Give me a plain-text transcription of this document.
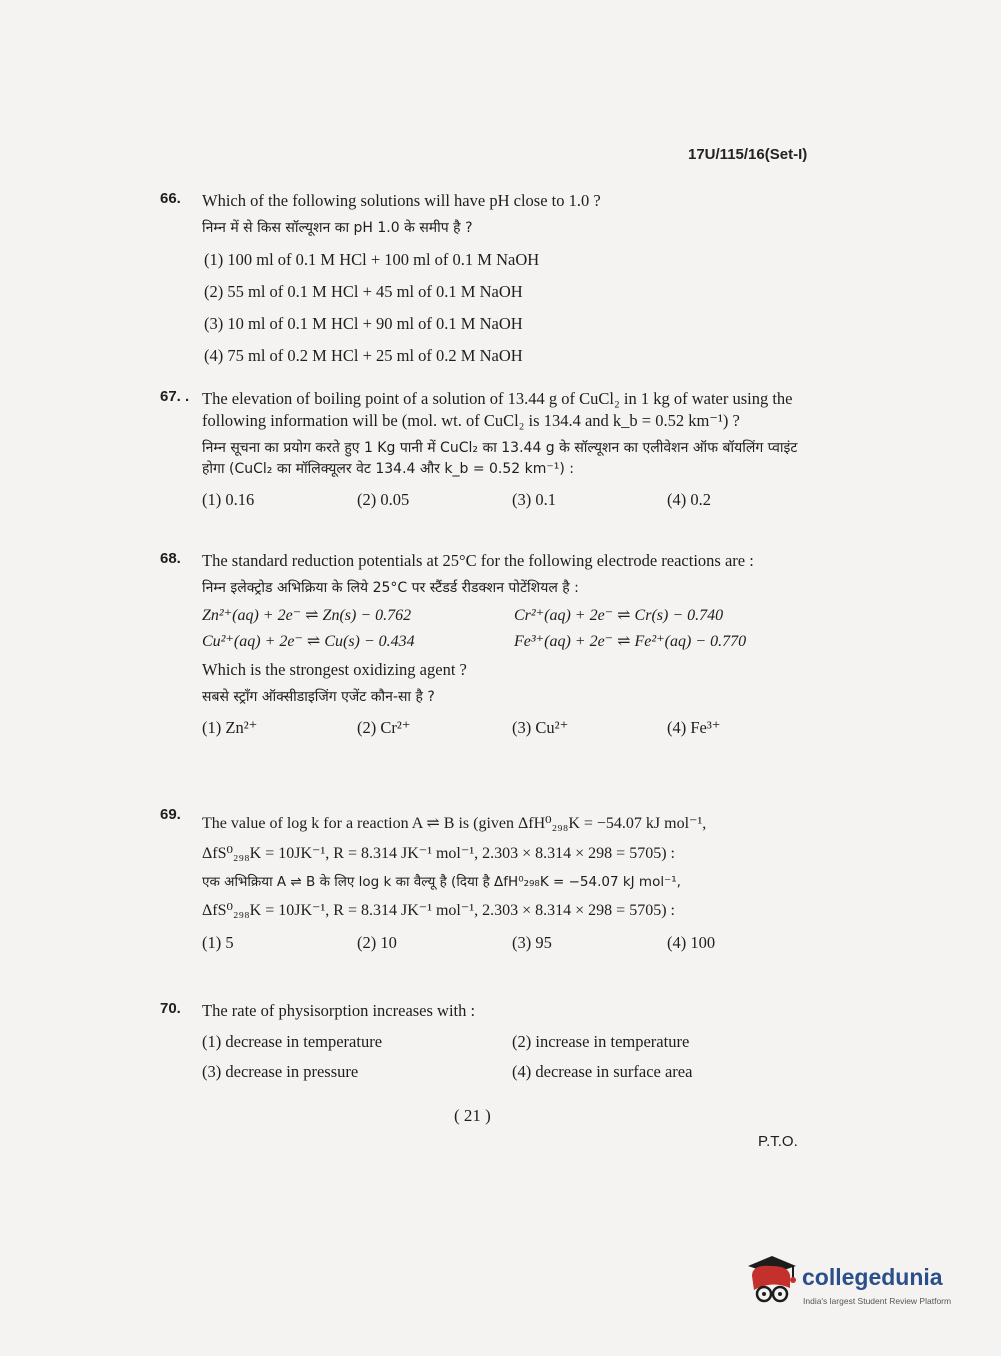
17U/115/16(Set-I)
66. Which of the following solutions will have pH close to 1.0 ?
निम्न में से किस सॉल्यूशन का pH 1.0 के समीप है ?
(1) 100 ml of 0.1 M HCl + 100 ml of 0.1 M NaOH
(2) 55 ml of 0.1 M HCl + 45 ml of 0.1 M NaOH
(3) 10 ml of 0.1 M HCl + 90 ml of 0.1 M NaOH
(4) 75 ml of 0.2 M HCl + 25 ml of 0.2 M NaOH
67. . The elevation of boiling point of a solution of 13.44 g of CuCl₂ in 1 kg of water using the following information will be (mol. wt. of CuCl₂ is 134.4 and k_b = 0.52 km⁻¹) ?
निम्न सूचना का प्रयोग करते हुए 1 Kg पानी में CuCl₂ का 13.44 g के सॉल्यूशन का एलीवेशन ऑफ बॉयलिंग प्वाइंट होगा (CuCl₂ का मॉलिक्यूलर वेट 134.4 और k_b = 0.52 km⁻¹) :
(1) 0.16	(2) 0.05	(3) 0.1	(4) 0.2
68. The standard reduction potentials at 25°C for the following electrode reactions are :
निम्न इलेक्ट्रोड अभिक्रिया के लिये 25°C पर स्टैंडर्ड रीडक्शन पोटेंशियल है :
Zn²⁺(aq) + 2e⁻ ⇌ Zn(s) − 0.762	Cr²⁺(aq) + 2e⁻ ⇌ Cr(s) − 0.740
Cu²⁺(aq) + 2e⁻ ⇌ Cu(s) − 0.434	Fe³⁺(aq) + 2e⁻ ⇌ Fe²⁺(aq) − 0.770
Which is the strongest oxidizing agent ?
सबसे स्ट्रॉंग ऑक्सीडाइजिंग एजेंट कौन-सा है ?
(1) Zn²⁺	(2) Cr²⁺	(3) Cu²⁺	(4) Fe³⁺
69.
The value of log k for a reaction A ⇌ B is (given ΔfH⁰₂₉₈K = −54.07 kJ mol⁻¹,
ΔfS⁰₂₉₈K = 10JK⁻¹, R = 8.314 JK⁻¹ mol⁻¹, 2.303 × 8.314 × 298 = 5705) :
एक अभिक्रिया A ⇌ B के लिए log k का वैल्यू है (दिया है ΔfH⁰₂₉₈K = −54.07 kJ mol⁻¹,
ΔfS⁰₂₉₈K = 10JK⁻¹, R = 8.314 JK⁻¹ mol⁻¹, 2.303 × 8.314 × 298 = 5705) :
(1) 5	(2) 10	(3) 95	(4) 100
70. The rate of physisorption increases with :
(1) decrease in temperature	(2) increase in temperature
(3) decrease in pressure	(4) decrease in surface area
( 21 )
P.T.O.
collegedunia
India's largest Student Review Platform
